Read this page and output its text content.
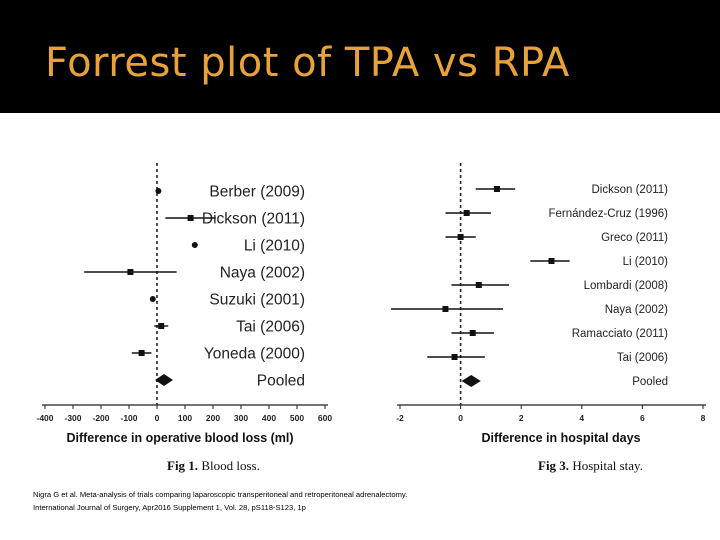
Forrest plot of TPA vs RPA
-400 -300 -200 -100 0 100 200 300 400 500 600
Berber (2009)
Dickson (2011)
Li (2010)
Naya (2002)
Suzuki (2001)
Tai (2006)
Yoneda (2000)
Pooled
Difference in operative blood loss (ml)
Fig 1. Blood loss.
-2	0	2	4	6	8
Dickson (2011)
Fernández-Cruz (1996)
Greco (2011)
Li (2010)
Lombardi (2008)
Naya (2002)
Ramacciato (2011)
Tai (2006)
Pooled
Difference in hospital days
Fig 3. Hospital stay.
Nigra G et al. Meta-analysis of trials comparing laparoscopic transperitoneal and retroperitoneal adrenalectomy.
International Journal of Surgery, Apr2016 Supplement 1, Vol. 28, pS118-S123, 1p
